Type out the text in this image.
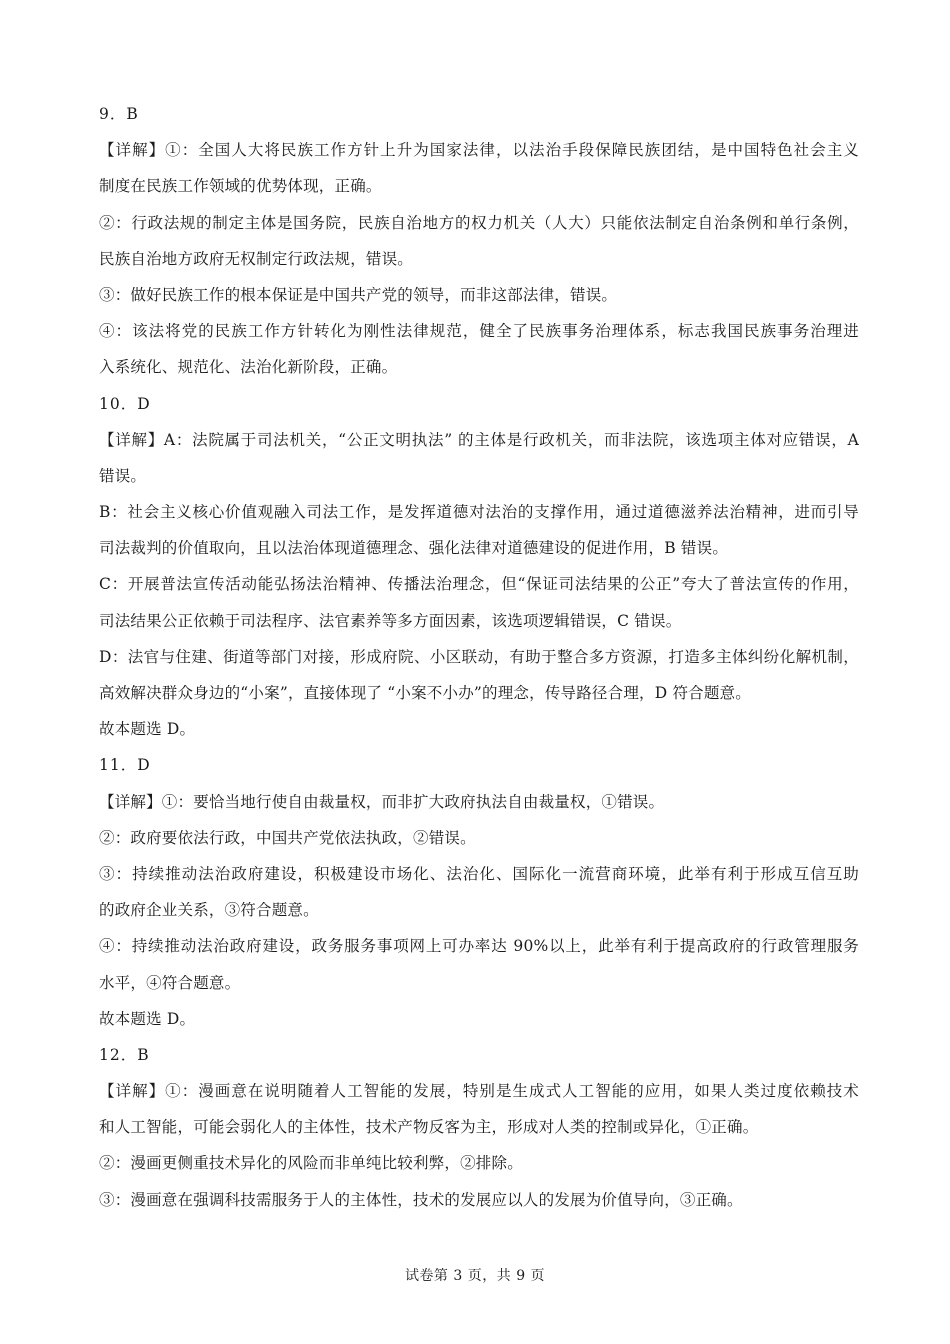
9．B
【详解】①：全国人大将民族工作方针上升为国家法律，以法治手段保障民族团结，是中国特色社会主义
制度在民族工作领域的优势体现，正确。
②：行政法规的制定主体是国务院，民族自治地方的权力机关（人大）只能依法制定自治条例和单行条例，
民族自治地方政府无权制定行政法规，错误。
③：做好民族工作的根本保证是中国共产党的领导，而非这部法律，错误。
④：该法将党的民族工作方针转化为刚性法律规范，健全了民族事务治理体系，标志我国民族事务治理进
入系统化、规范化、法治化新阶段，正确。
10．D
【详解】A：法院属于司法机关，“公正文明执法” 的主体是行政机关，而非法院，该选项主体对应错误，A
错误。
B：社会主义核心价值观融入司法工作，是发挥道德对法治的支撑作用，通过道德滋养法治精神，进而引导
司法裁判的价值取向，且以法治体现道德理念、强化法律对道德建设的促进作用，B 错误。
C：开展普法宣传活动能弘扬法治精神、传播法治理念，但“保证司法结果的公正”夸大了普法宣传的作用，
司法结果公正依赖于司法程序、法官素养等多方面因素，该选项逻辑错误，C 错误。
D：法官与住建、街道等部门对接，形成府院、小区联动，有助于整合多方资源，打造多主体纠纷化解机制，
高效解决群众身边的“小案”，直接体现了 “小案不小办”的理念，传导路径合理，D 符合题意。
故本题选 D。
11．D
【详解】①：要恰当地行使自由裁量权，而非扩大政府执法自由裁量权，①错误。
②：政府要依法行政，中国共产党依法执政，②错误。
③：持续推动法治政府建设，积极建设市场化、法治化、国际化一流营商环境，此举有利于形成互信互助
的政府企业关系，③符合题意。
④：持续推动法治政府建设，政务服务事项网上可办率达 90%以上，此举有利于提高政府的行政管理服务
水平，④符合题意。
故本题选 D。
12．B
【详解】①：漫画意在说明随着人工智能的发展，特别是生成式人工智能的应用，如果人类过度依赖技术
和人工智能，可能会弱化人的主体性，技术产物反客为主，形成对人类的控制或异化，①正确。
②：漫画更侧重技术异化的风险而非单纯比较利弊，②排除。
③：漫画意在强调科技需服务于人的主体性，技术的发展应以人的发展为价值导向，③正确。
试卷第 3 页，共 9 页
